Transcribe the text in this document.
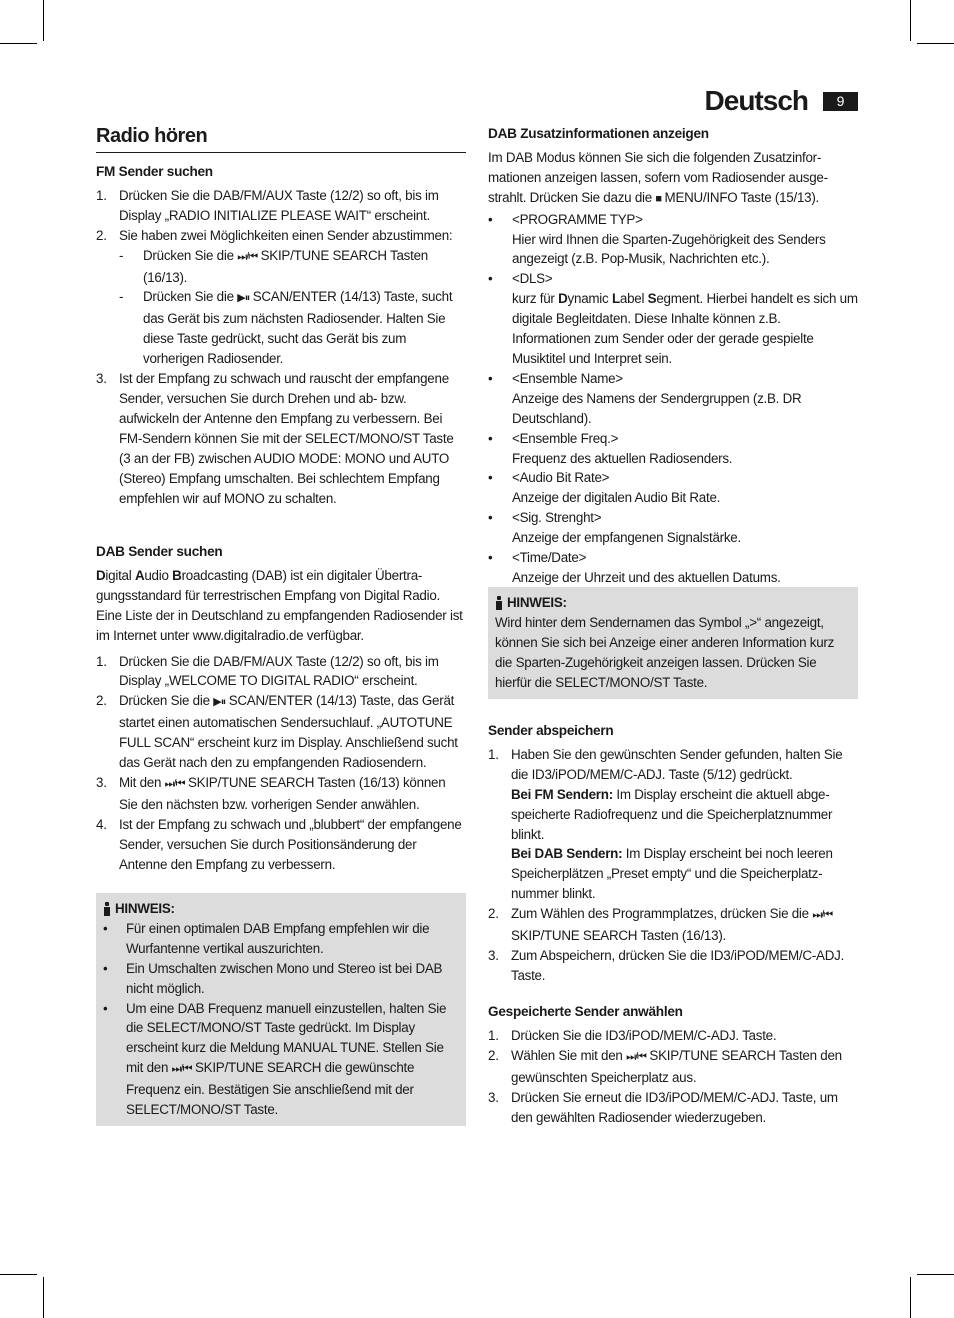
Deutsch	9
Radio hören
FM Sender suchen
1. Drücken Sie die DAB/FM/AUX Taste (12/2) so oft, bis im Display „RADIO INITIALIZE PLEASE WAIT“ erscheint.
2. Sie haben zwei Möglichkeiten einen Sender abzustimmen:
- Drücken Sie die ⏭/⏮ SKIP/TUNE SEARCH Tasten (16/13).
- Drücken Sie die ▶⏸ SCAN/ENTER (14/13) Taste, sucht das Gerät bis zum nächsten Radiosender. Halten Sie diese Taste gedrückt, sucht das Gerät bis zum vorherigen Radiosender.
3. Ist der Empfang zu schwach und rauscht der empfangene Sender, versuchen Sie durch Drehen und ab- bzw. aufwickeln der Antenne den Empfang zu verbessern. Bei FM-Sendern können Sie mit der SELECT/MONO/ST Taste (3 an der FB) zwischen AUDIO MODE: MONO und AUTO (Stereo) Empfang umschalten. Bei schlechtem Empfang empfehlen wir auf MONO zu schalten.
DAB Sender suchen

Digital Audio Broadcasting (DAB) ist ein digitaler Übertragungsstandard für terrestrischen Empfang von Digital Radio. Eine Liste der in Deutschland zu empfangenden Radiosender ist im Internet unter www.digitalradio.de verfügbar.

1. Drücken Sie die DAB/FM/AUX Taste (12/2) so oft, bis im Display „WELCOME TO DIGITAL RADIO“ erscheint.
2. Drücken Sie die ▶⏸ SCAN/ENTER (14/13) Taste, das Gerät startet einen automatischen Sendersuchlauf. „AUTOTUNE FULL SCAN“ erscheint kurz im Display. Anschließend sucht das Gerät nach den zu empfangenden Radiosendern.
3. Mit den ⏭/⏮ SKIP/TUNE SEARCH Tasten (16/13) können Sie den nächsten bzw. vorherigen Sender anwählen.
4. Ist der Empfang zu schwach und „blubbert“ der empfangene Sender, versuchen Sie durch Positionsänderung der Antenne den Empfang zu verbessern.
HINWEIS:
• Für einen optimalen DAB Empfang empfehlen wir die Wurfantenne vertikal auszurichten.
• Ein Umschalten zwischen Mono und Stereo ist bei DAB nicht möglich.
• Um eine DAB Frequenz manuell einzustellen, halten Sie die SELECT/MONO/ST Taste gedrückt. Im Display erscheint kurz die Meldung MANUAL TUNE. Stellen Sie mit den ⏭/⏮ SKIP/TUNE SEARCH die gewünschte Frequenz ein. Bestätigen Sie anschließend mit der SELECT/MONO/ST Taste.
DAB Zusatzinformationen anzeigen

Im DAB Modus können Sie sich die folgenden Zusatzinformationen anzeigen lassen, sofern vom Radiosender ausgestrahlt. Drücken Sie dazu die ■ MENU/INFO Taste (15/13).

• <PROGRAMME TYP>
Hier wird Ihnen die Sparten-Zugehörigkeit des Senders angezeigt (z.B. Pop-Musik, Nachrichten etc.).
• <DLS>
kurz für Dynamic Label Segment. Hierbei handelt es sich um digitale Begleitdaten. Diese Inhalte können z.B. Informationen zum Sender oder der gerade gespielte Musiktitel und Interpret sein.
• <Ensemble Name>
Anzeige des Namens der Sendergruppen (z.B. DR Deutschland).
• <Ensemble Freq.>
Frequenz des aktuellen Radiosenders.
• <Audio Bit Rate>
Anzeige der digitalen Audio Bit Rate.
• <Sig. Strenght>
Anzeige der empfangenen Signalstärke.
• <Time/Date>
Anzeige der Uhrzeit und des aktuellen Datums.
HINWEIS:

Wird hinter dem Sendernamen das Symbol „>“ angezeigt, können Sie sich bei Anzeige einer anderen Information kurz die Sparten-Zugehörigkeit anzeigen lassen. Drücken Sie hierfür die SELECT/MONO/ST Taste.

Sender abspeichern
1. Haben Sie den gewünschten Sender gefunden, halten Sie die ID3/iPOD/MEM/C-ADJ. Taste (5/12) gedrückt.
Bei FM Sendern: Im Display erscheint die aktuell abgespeicherte Radiofrequenz und die Speicherplatznummer blinkt.
Bei DAB Sendern: Im Display erscheint bei noch leeren Speicherplätzen „Preset empty“ und die Speicherplatznummer blinkt.
2. Zum Wählen des Programmplatzes, drücken Sie die ⏭/⏮ SKIP/TUNE SEARCH Tasten (16/13).
3. Zum Abspeichern, drücken Sie die ID3/iPOD/MEM/C-ADJ. Taste.
Gespeicherte Sender anwählen
1. Drücken Sie die ID3/iPOD/MEM/C-ADJ. Taste.
2. Wählen Sie mit den ⏭/⏮ SKIP/TUNE SEARCH Tasten den gewünschten Speicherplatz aus.
3. Drücken Sie erneut die ID3/iPOD/MEM/C-ADJ. Taste, um den gewählten Radiosender wiederzugeben.
